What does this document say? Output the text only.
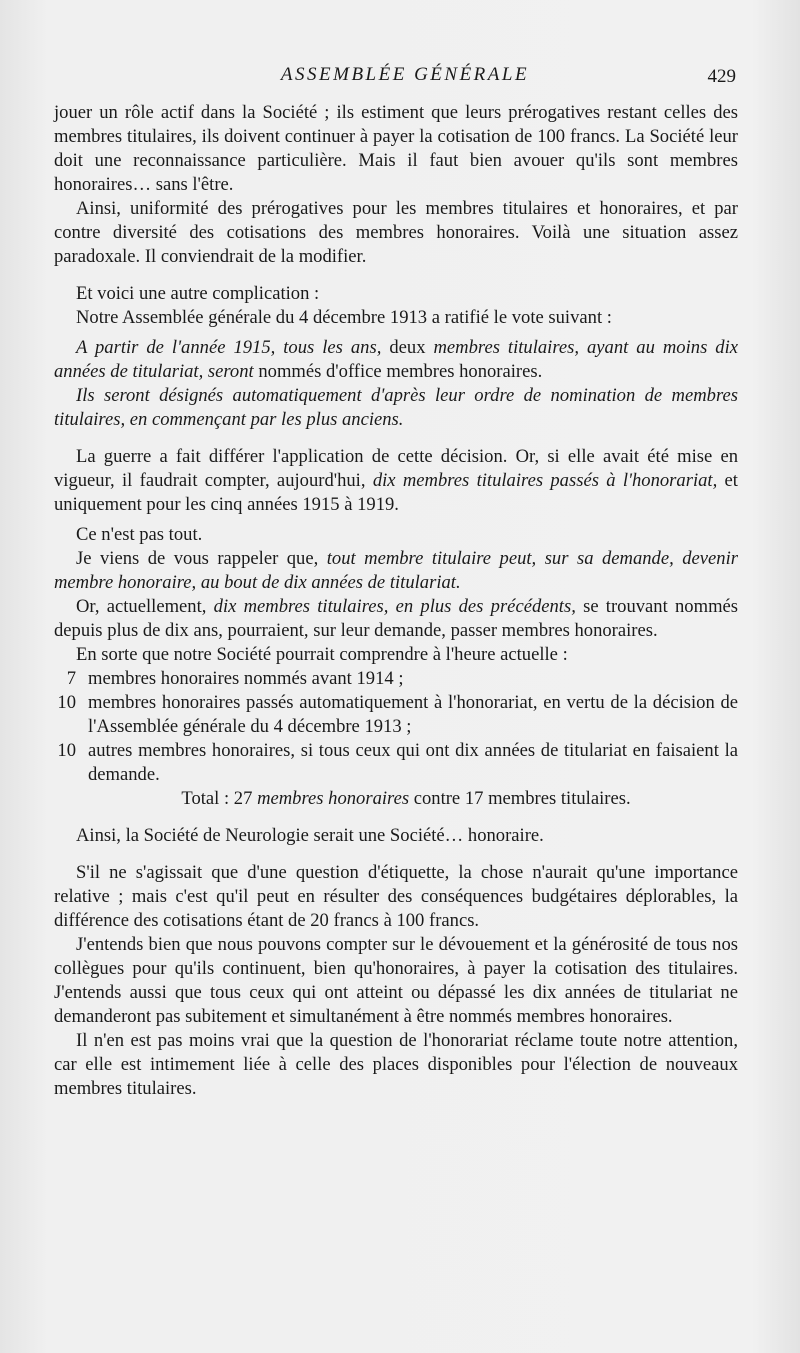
ASSEMBLÉE GÉNÉRALE	429

jouer un rôle actif dans la Société ; ils estiment que leurs prérogatives restant celles des membres titulaires, ils doivent continuer à payer la cotisation de 100 francs. La Société leur doit une reconnaissance particulière. Mais il faut bien avouer qu'ils sont membres honoraires… sans l'être.

Ainsi, uniformité des prérogatives pour les membres titulaires et honoraires, et par contre diversité des cotisations des membres honoraires. Voilà une situation assez paradoxale. Il conviendrait de la modifier.

Et voici une autre complication :

Notre Assemblée générale du 4 décembre 1913 a ratifié le vote suivant :

A partir de l'année 1915, tous les ans, deux membres titulaires, ayant au moins dix années de titulariat, seront nommés d'office membres honoraires.

Ils seront désignés automatiquement d'après leur ordre de nomination de membres titulaires, en commençant par les plus anciens.

La guerre a fait différer l'application de cette décision. Or, si elle avait été mise en vigueur, il faudrait compter, aujourd'hui, dix membres titulaires passés à l'honorariat, et uniquement pour les cinq années 1915 à 1919.

Ce n'est pas tout.

Je viens de vous rappeler que, tout membre titulaire peut, sur sa demande, devenir membre honoraire, au bout de dix années de titulariat.

Or, actuellement, dix membres titulaires, en plus des précédents, se trouvant nommés depuis plus de dix ans, pourraient, sur leur demande, passer membres honoraires.

En sorte que notre Société pourrait comprendre à l'heure actuelle :

7 membres honoraires nommés avant 1914 ;
10 membres honoraires passés automatiquement à l'honorariat, en vertu de la décision de l'Assemblée générale du 4 décembre 1913 ;
10 autres membres honoraires, si tous ceux qui ont dix années de titulariat en faisaient la demande.
Total : 27 membres honoraires contre 17 membres titulaires.

Ainsi, la Société de Neurologie serait une Société… honoraire.

S'il ne s'agissait que d'une question d'étiquette, la chose n'aurait qu'une importance relative ; mais c'est qu'il peut en résulter des conséquences budgétaires déplorables, la différence des cotisations étant de 20 francs à 100 francs.

J'entends bien que nous pouvons compter sur le dévouement et la générosité de tous nos collègues pour qu'ils continuent, bien qu'honoraires, à payer la cotisation des titulaires. J'entends aussi que tous ceux qui ont atteint ou dépassé les dix années de titulariat ne demanderont pas subitement et simultanément à être nommés membres honoraires.

Il n'en est pas moins vrai que la question de l'honorariat réclame toute notre attention, car elle est intimement liée à celle des places disponibles pour l'élection de nouveaux membres titulaires.
